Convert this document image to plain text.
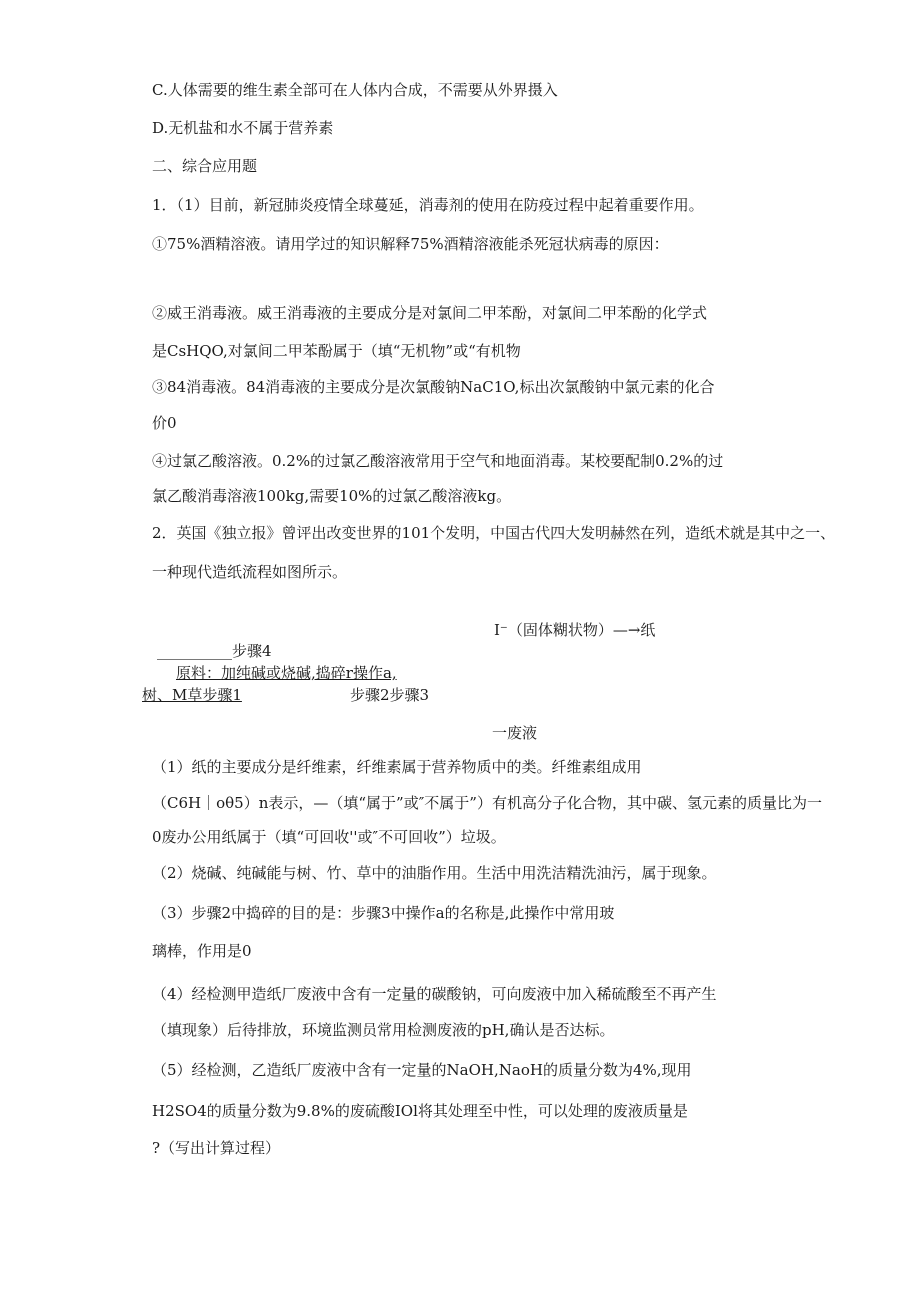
C.人体需要的维生素全部可在人体内合成，不需要从外界摄入
D.无机盐和水不属于营养素
二、综合应用题
1．（1）目前，新冠肺炎疫情全球蔓延，消毒剂的使用在防疫过程中起着重要作用。
①75%酒精溶液。请用学过的知识解释75%酒精溶液能杀死冠状病毒的原因：
②威王消毒液。威王消毒液的主要成分是对氯间二甲苯酚，对氯间二甲苯酚的化学式
是CsHQO,对氯间二甲苯酚属于（填“无机物”或“有机物
③84消毒液。84消毒液的主要成分是次氯酸钠NaC1O,标出次氯酸钠中氯元素的化合
价0
④过氯乙酸溶液。0.2%的过氯乙酸溶液常用于空气和地面消毒。某校要配制0.2%的过
氯乙酸消毒溶液100kg,需要10%的过氯乙酸溶液kg。
2．英国《独立报》曾评出改变世界的101个发明，中国古代四大发明赫然在列，造纸术就是其中之一、
一种现代造纸流程如图所示。
I⁻（固体糊状物）—→纸
__________步骤4
原料：加纯碱或烧碱,捣碎r操作a,
树、M草步骤1	步骤2步骤3
一废液
（1）纸的主要成分是纤维素，纤维素属于营养物质中的类。纤维素组成用
（C6H｜oθ5）n表示，—（填“属于”或″不属于”）有机高分子化合物，其中碳、氢元素的质量比为一
0废办公用纸属于（填“可回收''或″不可回收”）垃圾。
（2）烧碱、纯碱能与树、竹、草中的油脂作用。生活中用洗洁精洗油污，属于现象。
（3）步骤2中捣碎的目的是：步骤3中操作a的名称是,此操作中常用玻
璃棒，作用是0
（4）经检测甲造纸厂废液中含有一定量的碳酸钠，可向废液中加入稀硫酸至不再产生
（填现象）后待排放，环境监测员常用检测废液的pH,确认是否达标。
（5）经检测，乙造纸厂废液中含有一定量的NaOH,NaoH的质量分数为4%,现用
H2SO4的质量分数为9.8%的废硫酸IOl将其处理至中性，可以处理的废液质量是
?（写出计算过程）
